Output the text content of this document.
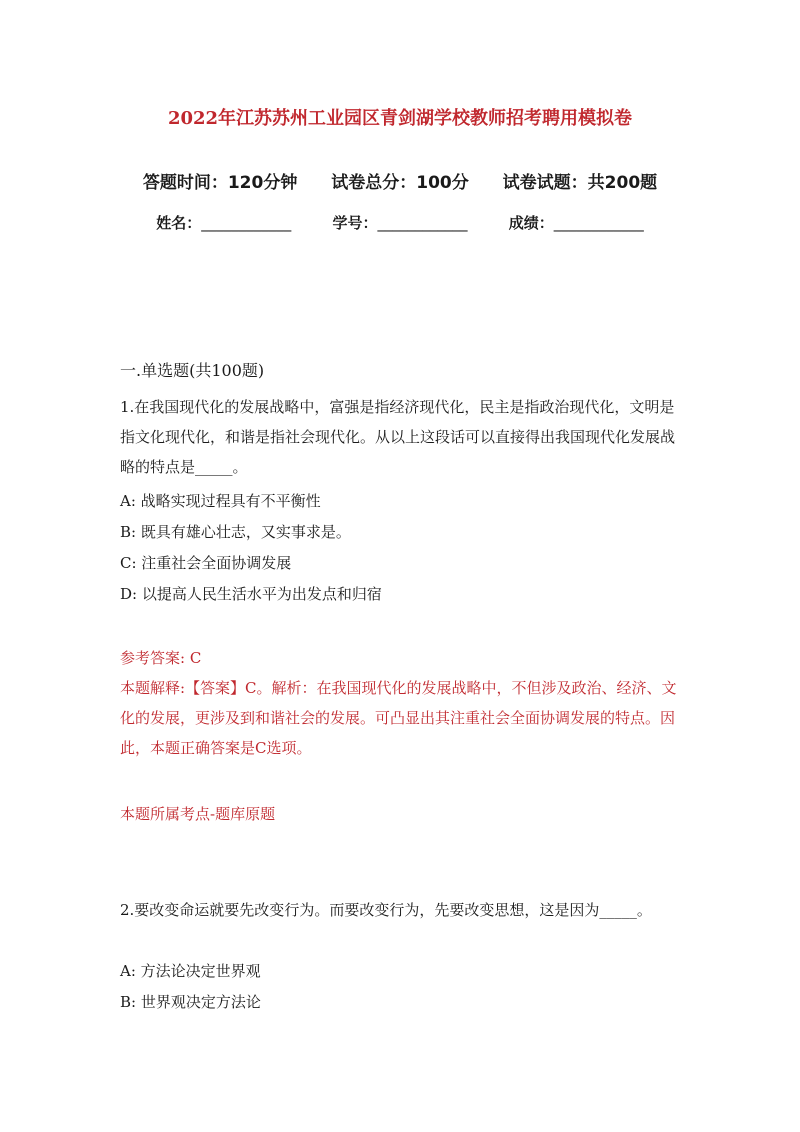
2022年江苏苏州工业园区青剑湖学校教师招考聘用模拟卷
答题时间：120分钟 试卷总分：100分 试卷试题：共200题
姓名：____________	学号：____________	成绩：____________
一.单选题(共100题)
1.在我国现代化的发展战略中，富强是指经济现代化，民主是指政治现代化，文明是指文化现代化，和谐是指社会现代化。从以上这段话可以直接得出我国现代化发展战略的特点是_____。
A: 战略实现过程具有不平衡性
B: 既具有雄心壮志，又实事求是。
C: 注重社会全面协调发展
D: 以提高人民生活水平为出发点和归宿
参考答案: C
本题解释:【答案】C。解析：在我国现代化的发展战略中，不但涉及政治、经济、文化的发展，更涉及到和谐社会的发展。可凸显出其注重社会全面协调发展的特点。因此，本题正确答案是C选项。
本题所属考点-题库原题
2.要改变命运就要先改变行为。而要改变行为，先要改变思想，这是因为_____。
A: 方法论决定世界观
B: 世界观决定方法论
